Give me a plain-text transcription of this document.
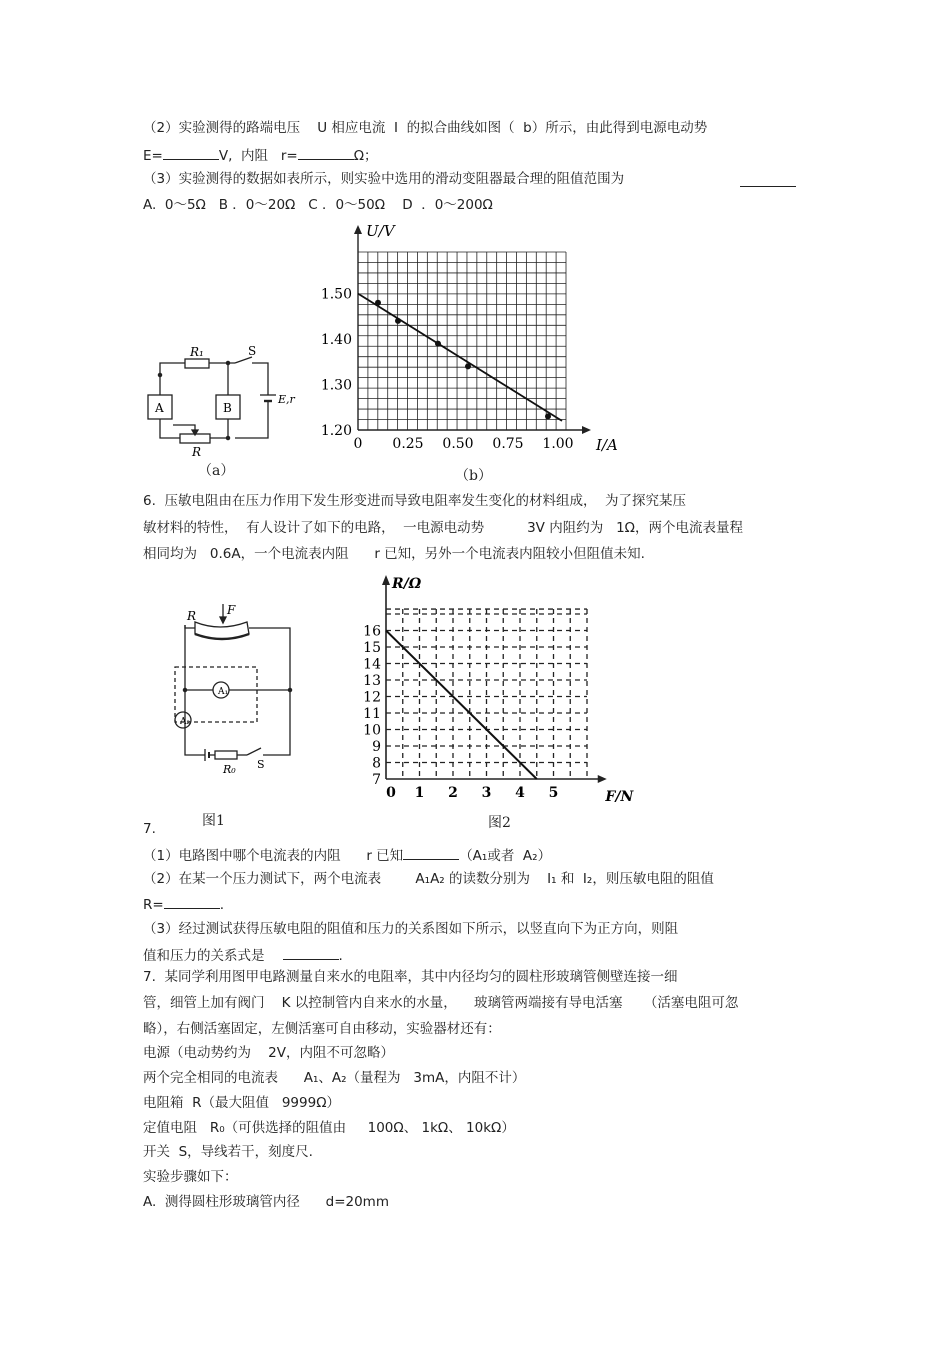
（2）实验测得的路端电压    U 相应电流  I  的拟合曲线如图（  b）所示，由此得到电源电动势
E=	V,  内阻   r=	Ω；
（3）实验测得的数据如表所示，则实验中选用的滑动变阻器最合理的阻值范围为
A.  0～5Ω   B ．0～20Ω   C ．0～50Ω    D  ．0～200Ω
R₁	S
A	B
E,r
R
（a）
1.20
1.30
1.40
1.50
0 0.25 0.50 0.75 1.00
U/V
I/A
（b）
6.  压敏电阻由在压力作用下发生形变进而导致电阻率发生变化的材料组成，  为了探究某压
敏材料的特性，  有人设计了如下的电路，  一电源电动势          3V 内阻约为   1Ω，两个电流表量程
相同均为   0.6A，一个电流表内阻      r 已知，另外一个电流表内阻较小但阻值未知.
A₁
A₂
R	F
R₀ S
图1
7.
7
8
9
10
11
12
13
14
15
16
0 1 2 3 4 5
R/Ω
F/N
图2
（1）电路图中哪个电流表的内阻      r 已知	（A₁或者  A₂）
（2）在某一个压力测试下，两个电流表        A₁A₂ 的读数分别为    I₁ 和  I₂，则压敏电阻的阻值
R=	.
（3）经过测试获得压敏电阻的阻值和压力的关系图如下所示，以竖直向下为正方向，则阻
值和压力的关系式是	.
7.  某同学利用图甲电路测量自来水的电阻率，其中内径均匀的圆柱形玻璃管侧壁连接一细
管，细管上加有阀门    K 以控制管内自来水的水量，    玻璃管两端接有导电活塞     （活塞电阻可忽
略），右侧活塞固定，左侧活塞可自由移动，实验器材还有：
电源（电动势约为    2V，内阻不可忽略）
两个完全相同的电流表      A₁、A₂（量程为   3mA，内阻不计）
电阻箱  R（最大阻值   9999Ω）
定值电阻   R₀（可供选择的阻值由     100Ω、 1kΩ、 10kΩ）
开关  S，导线若干，刻度尺.
实验步骤如下：
A.  测得圆柱形玻璃管内径      d=20mm
